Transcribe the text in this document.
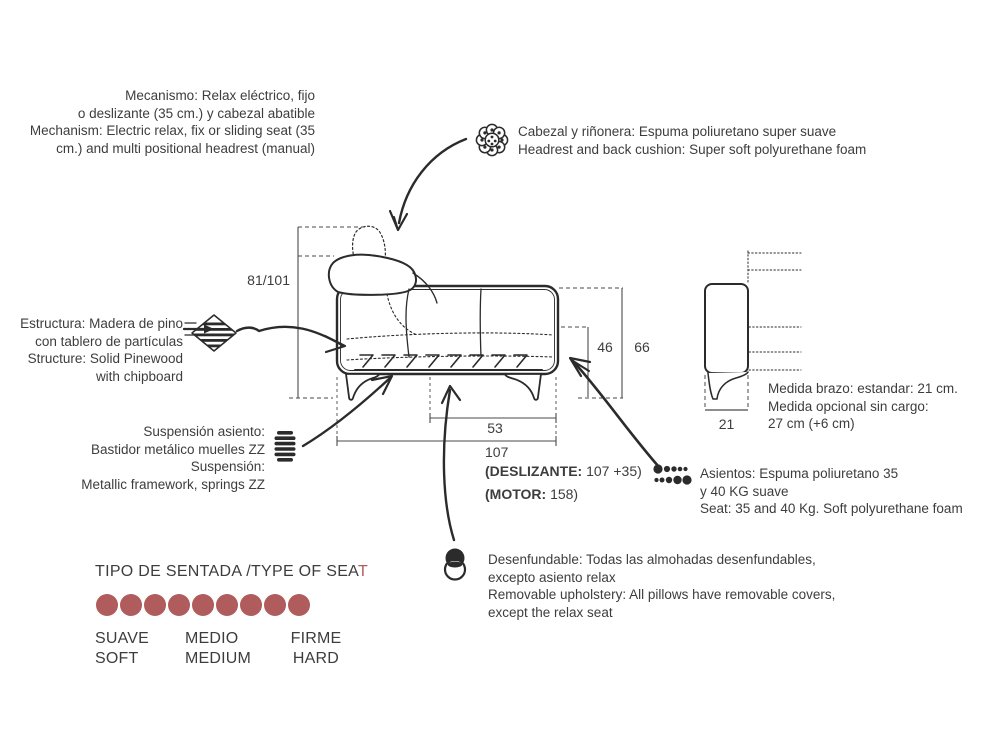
Mecanismo: Relax eléctrico, fijo
o deslizante (35 cm.) y cabezal abatible
Mechanism: Electric relax, fix or sliding seat (35
cm.) and multi positional headrest (manual)
Cabezal y riñonera: Espuma poliuretano super suave
Headrest and back cushion: Super soft polyurethane foam
Estructura: Madera de pino
con tablero de partículas
Structure: Solid Pinewood
with chipboard
Suspensión asiento:
Bastidor metálico muelles ZZ
Suspensión:
Metallic framework, springs ZZ
Medida brazo: estandar: 21 cm.
Medida opcional sin cargo:
27 cm (+6 cm)
Asientos: Espuma poliuretano 35
y 40 KG suave
Seat: 35 and 40 Kg. Soft polyurethane foam
Desenfundable: Todas las almohadas desenfundables,
excepto asiento relax
Removable upholstery: All pillows have removable covers,
except the relax seat
81/101
46	66
53
107
(DESLIZANTE: 107 +35)
(MOTOR: 158)
21
TIPO DE SENTADA /TYPE OF SEAT
SUAVE
SOFT
MEDIO
MEDIUM
FIRME
HARD
